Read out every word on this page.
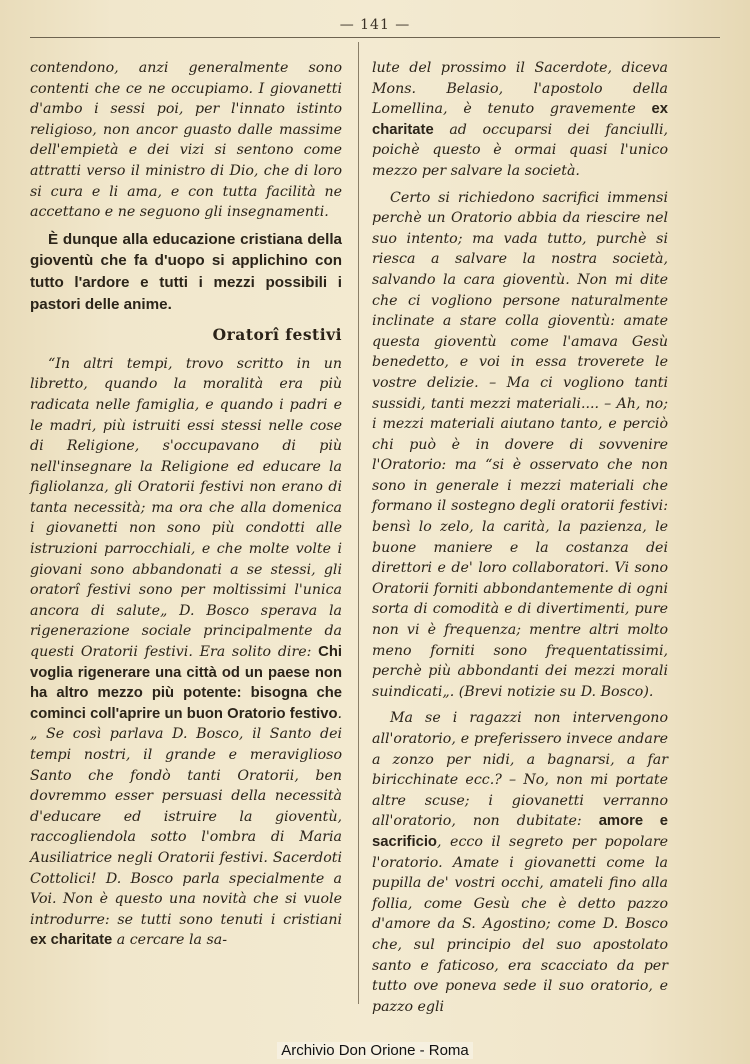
— 141 —

contendono, anzi generalmente sono contenti che ce ne occupiamo. I giovanetti d'ambo i sessi poi, per l'innato istinto religioso, non ancor guasto dalle massime dell'empietà e dei vizi si sentono come attratti verso il ministro di Dio, che di loro si cura e li ama, e con tutta facilità ne accettano e ne seguono gli insegnamenti.

È dunque alla educazione cristiana della gioventù che fa d'uopo si applichino con tutto l'ardore e tutti i mezzi possibili i pastori delle anime.

Oratorî festivi

“In altri tempi, trovo scritto in un libretto, quando la moralità era più radicata nelle famiglia, e quando i padri e le madri, più istruiti essi stessi nelle cose di Religione, s'occupavano di più nell'insegnare la Religione ed educare la figliolanza, gli Oratorii festivi non erano di tanta necessità; ma ora che alla domenica i giovanetti non sono più condotti alle istruzioni parrocchiali, e che molte volte i giovani sono abbandonati a se stessi, gli oratorî festivi sono per moltissimi l'unica ancora di salute„ D. Bosco sperava la rigenerazione sociale principalmente da questi Oratorii festivi. Era solito dire: Chi voglia rigenerare una città od un paese non ha altro mezzo più potente: bisogna che cominci coll'aprire un buon Oratorio festivo.„ Se così parlava D. Bosco, il Santo dei tempi nostri, il grande e meraviglioso Santo che fondò tanti Oratorii, ben dovremmo esser persuasi della necessità d'educare ed istruire la gioventù, raccogliendola sotto l'ombra di Maria Ausiliatrice negli Oratorii festivi. Sacerdoti Cottolici! D. Bosco parla specialmente a Voi. Non è questo una novità che si vuole introdurre: se tutti sono tenuti i cristiani ex charitate a cercare la sa-

lute del prossimo il Sacerdote, diceva Mons. Belasio, l'apostolo della Lomellina, è tenuto gravemente ex charitate ad occuparsi dei fanciulli, poichè questo è ormai quasi l'unico mezzo per salvare la società.

Certo si richiedono sacrifici immensi perchè un Oratorio abbia da riescire nel suo intento; ma vada tutto, purchè si riesca a salvare la nostra società, salvando la cara gioventù. Non mi dite che ci vogliono persone naturalmente inclinate a stare colla gioventù: amate questa gioventù come l'amava Gesù benedetto, e voi in essa troverete le vostre delizie. – Ma ci vogliono tanti sussidi, tanti mezzi materiali.... – Ah, no; i mezzi materiali aiutano tanto, e perciò chi può è in dovere di sovvenire l'Oratorio: ma “si è osservato che non sono in generale i mezzi materiali che formano il sostegno degli oratorii festivi: bensì lo zelo, la carità, la pazienza, le buone maniere e la costanza dei direttori e de' loro collaboratori. Vi sono Oratorii forniti abbondantemente di ogni sorta di comodità e di divertimenti, pure non vi è frequenza; mentre altri molto meno forniti sono frequentatissimi, perchè più abbondanti dei mezzi morali suindicati„. (Brevi notizie su D. Bosco).

Ma se i ragazzi non intervengono all'oratorio, e preferissero invece andare a zonzo per nidi, a bagnarsi, a far biricchinate ecc.? – No, non mi portate altre scuse; i giovanetti verranno all'oratorio, non dubitate: amore e sacrificio, ecco il segreto per popolare l'oratorio. Amate i giovanetti come la pupilla de' vostri occhi, amateli fino alla follia, come Gesù che è detto pazzo d'amore da S. Agostino; come D. Bosco che, sul principio del suo apostolato santo e faticoso, era scacciato da per tutto ove poneva sede il suo oratorio, e pazzo egli

Archivio Don Orione - Roma
